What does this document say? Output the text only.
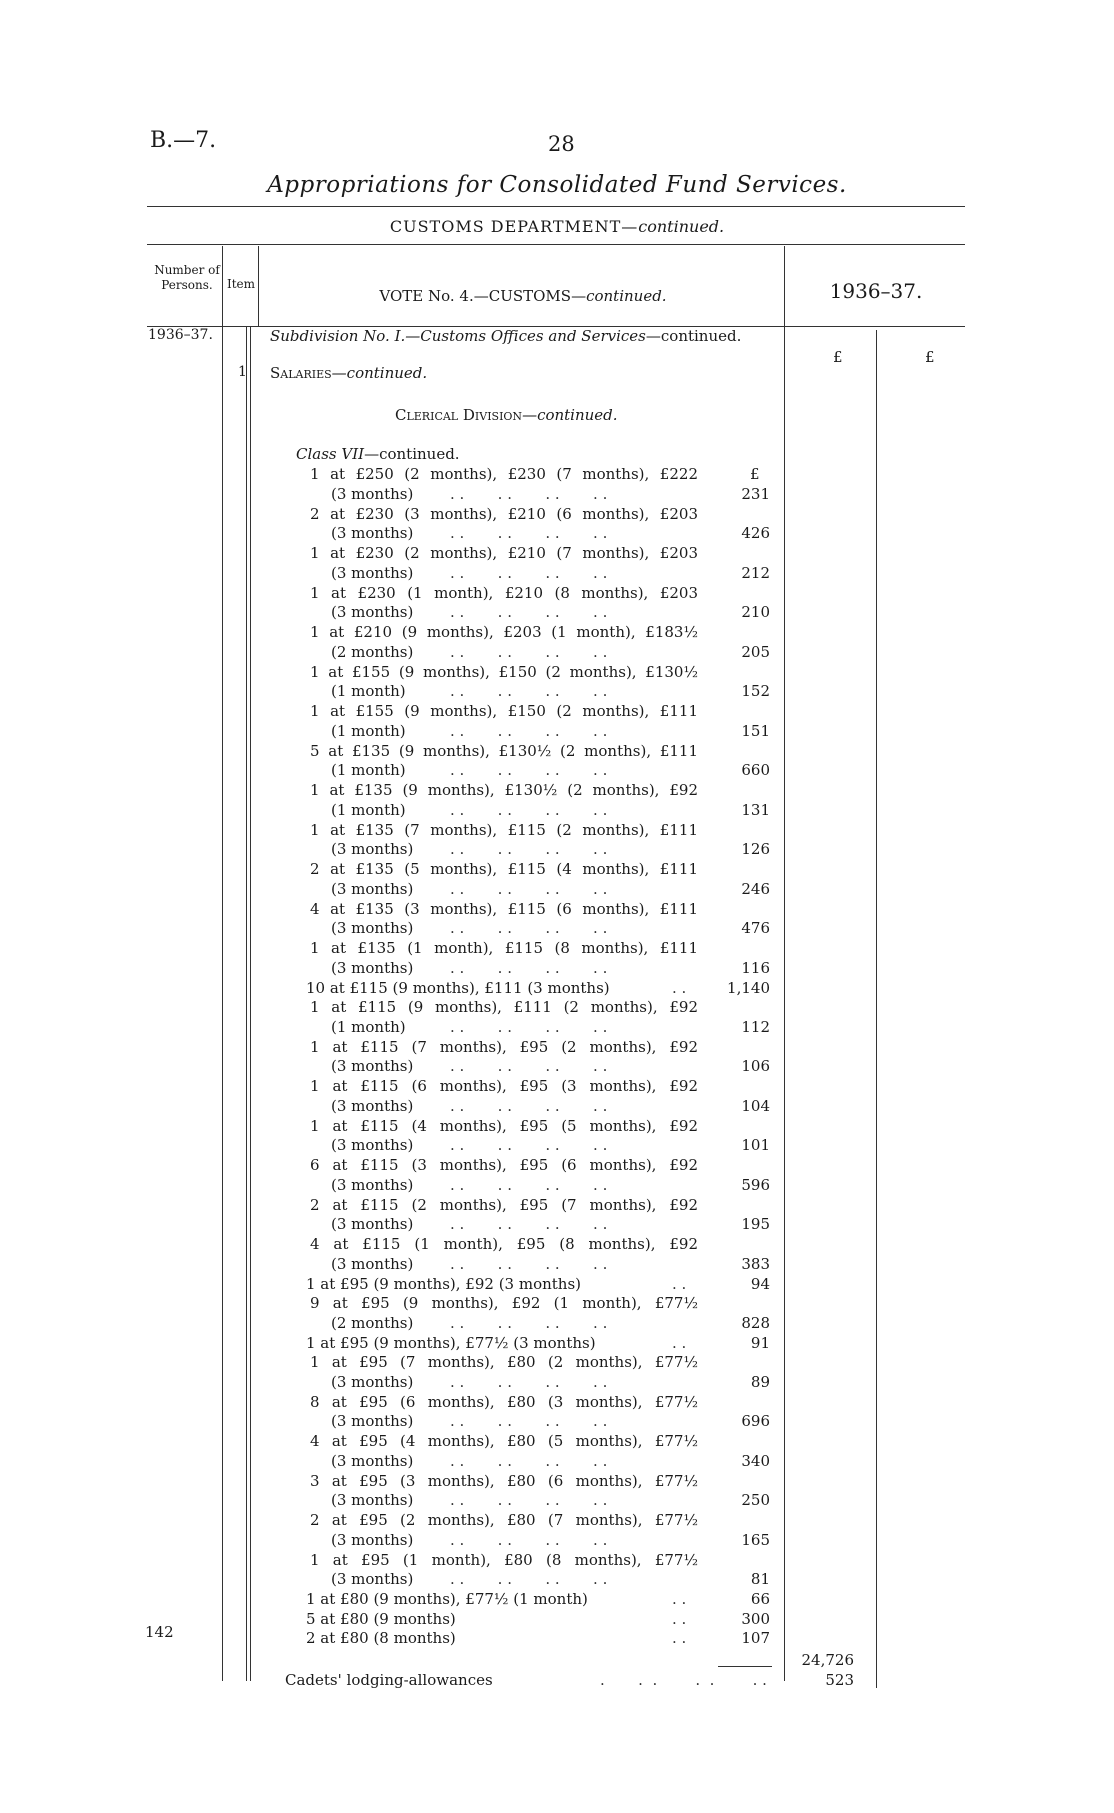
B.—7.	28
Appropriations for Consolidated Fund Services.
CUSTOMS DEPARTMENT—continued.
Number of Persons.	Item
VOTE No. 4.—CUSTOMS—continued.	1936–37.
1936–37.	Subdivision No. I.—Customs Offices and Services—continued.
£	£
1 Salaries—continued.
Clerical Division—continued.
Class VII—continued.
£
1 at £250 (2 months), £230 (7 months), £222
(3 months) . .       . .       . .       . .	231
2 at £230 (3 months), £210 (6 months), £203
(3 months) . .       . .       . .       . .	426
1 at £230 (2 months), £210 (7 months), £203
(3 months) . .       . .       . .       . .	212
1 at £230 (1 month), £210 (8 months), £203
(3 months) . .       . .       . .       . .	210
1 at £210 (9 months), £203 (1 month), £183½
(2 months) . .       . .       . .       . .	205
1 at £155 (9 months), £150 (2 months), £130½
(1 month)	. .       . .       . .       . .	152
1 at £155 (9 months), £150 (2 months), £111
(1 month)	. .       . .       . .       . .	151
5 at £135 (9 months), £130½ (2 months), £111
(1 month)	. .       . .       . .       . .	660
1 at £135 (9 months), £130½ (2 months), £92
(1 month)	. .       . .       . .       . .	131
1 at £135 (7 months), £115 (2 months), £111
(3 months) . .       . .       . .       . .	126
2 at £135 (5 months), £115 (4 months), £111
(3 months) . .       . .       . .       . .	246
4 at £135 (3 months), £115 (6 months), £111
(3 months) . .       . .       . .       . .	476
1 at £135 (1 month), £115 (8 months), £111
(3 months) . .       . .       . .       . .	116
10 at £115 (9 months), £111 (3 months)	. .	1,140
1 at £115 (9 months), £111 (2 months), £92
(1 month)	. .       . .       . .       . .	112
1 at £115 (7 months), £95 (2 months), £92
(3 months) . .       . .       . .       . .	106
1 at £115 (6 months), £95 (3 months), £92
(3 months) . .       . .       . .       . .	104
1 at £115 (4 months), £95 (5 months), £92
(3 months) . .       . .       . .       . .	101
6 at £115 (3 months), £95 (6 months), £92
(3 months) . .       . .       . .       . .	596
2 at £115 (2 months), £95 (7 months), £92
(3 months) . .       . .       . .       . .	195
4 at £115 (1 month), £95 (8 months), £92
(3 months) . .       . .       . .       . .	383
1 at £95 (9 months), £92 (3 months)	. .	94
9 at £95 (9 months), £92 (1 month), £77½
(2 months) . .       . .       . .       . .	828
1 at £95 (9 months), £77½ (3 months)	. .	91
1 at £95 (7 months), £80 (2 months), £77½
(3 months) . .       . .       . .       . .	89
8 at £95 (6 months), £80 (3 months), £77½
(3 months) . .       . .       . .       . .	696
4 at £95 (4 months), £80 (5 months), £77½
(3 months) . .       . .       . .       . .	340
3 at £95 (3 months), £80 (6 months), £77½
(3 months) . .       . .       . .       . .	250
2 at £95 (2 months), £80 (7 months), £77½
(3 months) . .       . .       . .       . .	165
1 at £95 (1 month), £80 (8 months), £77½
(3 months) . .       . .       . .       . .	81
1 at £80 (9 months), £77½ (1 month)	. .	66
5 at £80 (9 months)	. .	300
2 at £80 (8 months)	. .	107
142
24,726
Cadets' lodging-allowances	.       .  .        .  .        . .	523
